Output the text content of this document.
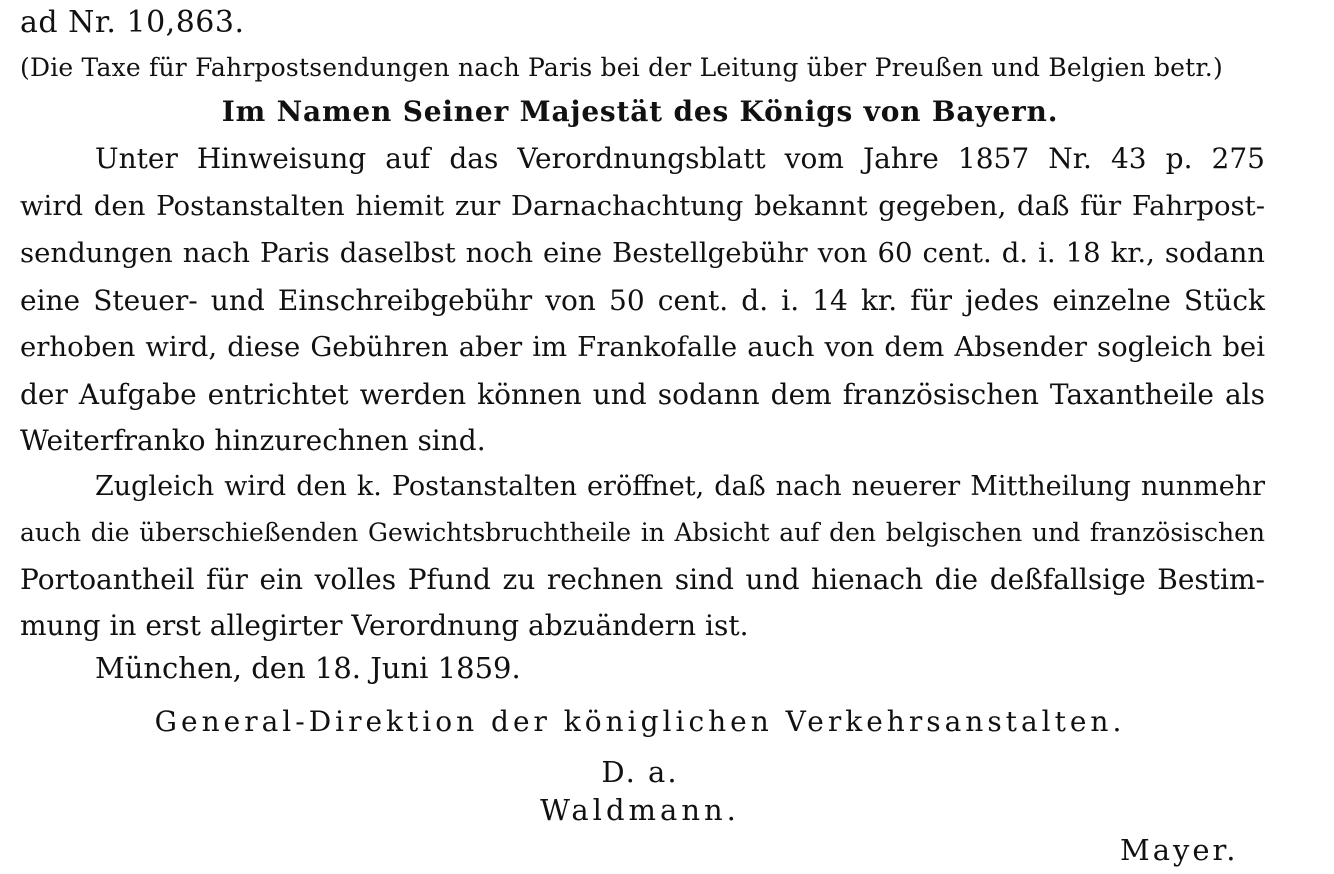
ad Nr. 10,863.
(Die Taxe für Fahrpostsendungen nach Paris bei der Leitung über Preußen und Belgien betr.)
Im Namen Seiner Majestät des Königs von Bayern.
Unter Hinweisung auf das Verordnungsblatt vom Jahre 1857 Nr. 43 p. 275
wird den Postanstalten hiemit zur Darnachachtung bekannt gegeben, daß für Fahrpost-
sendungen nach Paris daselbst noch eine Bestellgebühr von 60 cent. d. i. 18 kr., sodann
eine Steuer- und Einschreibgebühr von 50 cent. d. i. 14 kr. für jedes einzelne Stück
erhoben wird, diese Gebühren aber im Frankofalle auch von dem Absender sogleich bei
der Aufgabe entrichtet werden können und sodann dem französischen Taxantheile als
Weiterfranko hinzurechnen sind.
Zugleich wird den k. Postanstalten eröffnet, daß nach neuerer Mittheilung nunmehr
auch die überschießenden Gewichtsbruchtheile in Absicht auf den belgischen und französischen
Portoantheil für ein volles Pfund zu rechnen sind und hienach die deßfallsige Bestim-
mung in erst allegirter Verordnung abzuändern ist.
München, den 18. Juni 1859.
General-Direktion der königlichen Verkehrsanstalten.
D. a.
Waldmann.
Mayer.
